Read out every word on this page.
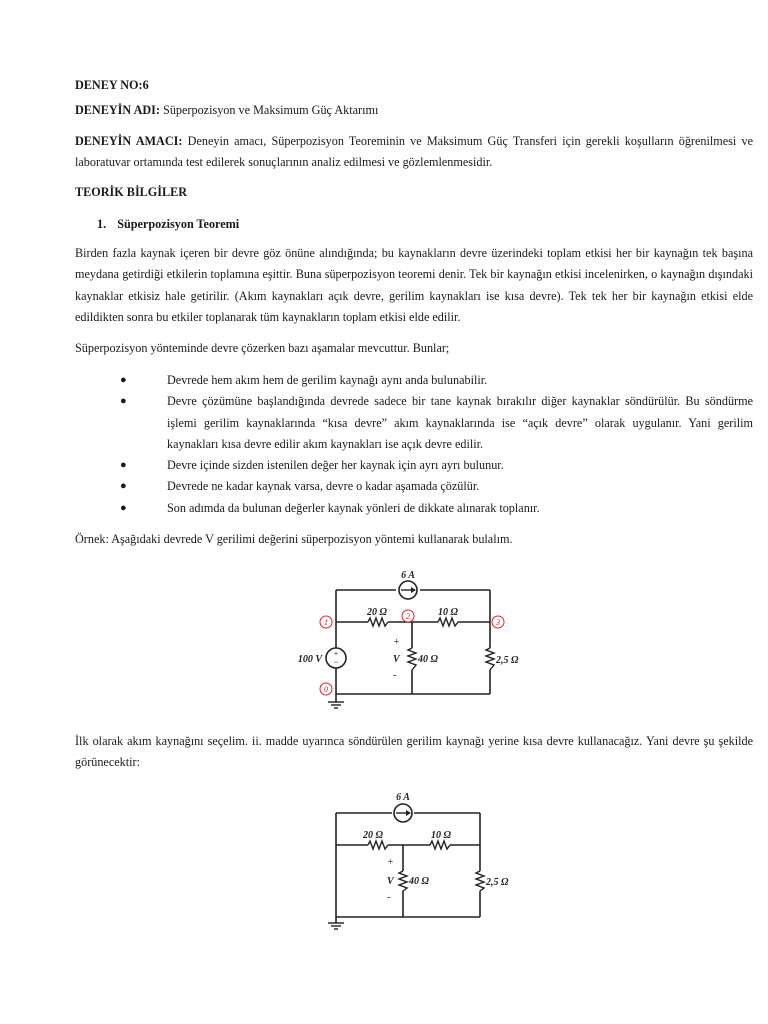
DENEY NO:6
DENEYİN ADI: Süperpozisyon ve Maksimum Güç Aktarımı

DENEYİN AMACI: Deneyin amacı, Süperpozisyon Teoreminin ve Maksimum Güç Transferi için gerekli koşulların öğrenilmesi ve laboratuvar ortamında test edilerek sonuçlarının analiz edilmesi ve gözlemlenmesidir.

TEORİK BİLGİLER
1. Süperpozisyon Teoremi

Birden fazla kaynak içeren bir devre göz önüne alındığında; bu kaynakların devre üzerindeki toplam etkisi her bir kaynağın tek başına meydana getirdiği etkilerin toplamına eşittir. Buna süperpozisyon teoremi denir. Tek bir kaynağın etkisi incelenirken, o kaynağın dışındaki kaynaklar etkisiz hale getirilir. (Akım kaynakları açık devre, gerilim kaynakları ise kısa devre). Tek tek her bir kaynağın etkisi elde edildikten sonra bu etkiler toplanarak tüm kaynakların toplam etkisi elde edilir.

Süperpozisyon yönteminde devre çözerken bazı aşamalar mevcuttur. Bunlar;
●	Devrede hem akım hem de gerilim kaynağı aynı anda bulunabilir.
●	Devre çözümüne başlandığında devrede sadece bir tane kaynak bırakılır diğer kaynaklar söndürülür. Bu söndürme işlemi gerilim kaynaklarında “kısa devre” akım kaynaklarında ise “açık devre” olarak uygulanır. Yani gerilim kaynakları kısa devre edilir akım kaynakları ise açık devre edilir.
●	Devre içinde sizden istenilen değer her kaynak için ayrı ayrı bulunur.
●	Devrede ne kadar kaynak varsa, devre o kadar aşamada çözülür.
●	Son adımda da bulunan değerler kaynak yönleri de dikkate alınarak toplanır.
Örnek: Aşağıdaki devrede V gerilimi değerini süperpozisyon yöntemi kullanarak bulalım.
+
−
1
2
3
0
6 A
20 Ω	10 Ω
40 Ω	2,5 Ω
100 V
+
V
-

İlk olarak akım kaynağını seçelim. ii. madde uyarınca söndürülen gerilim kaynağı yerine kısa devre kullanacağız. Yani devre şu şekilde görünecektir:

6 A
20 Ω	10 Ω
40 Ω	2,5 Ω
+
V
-
